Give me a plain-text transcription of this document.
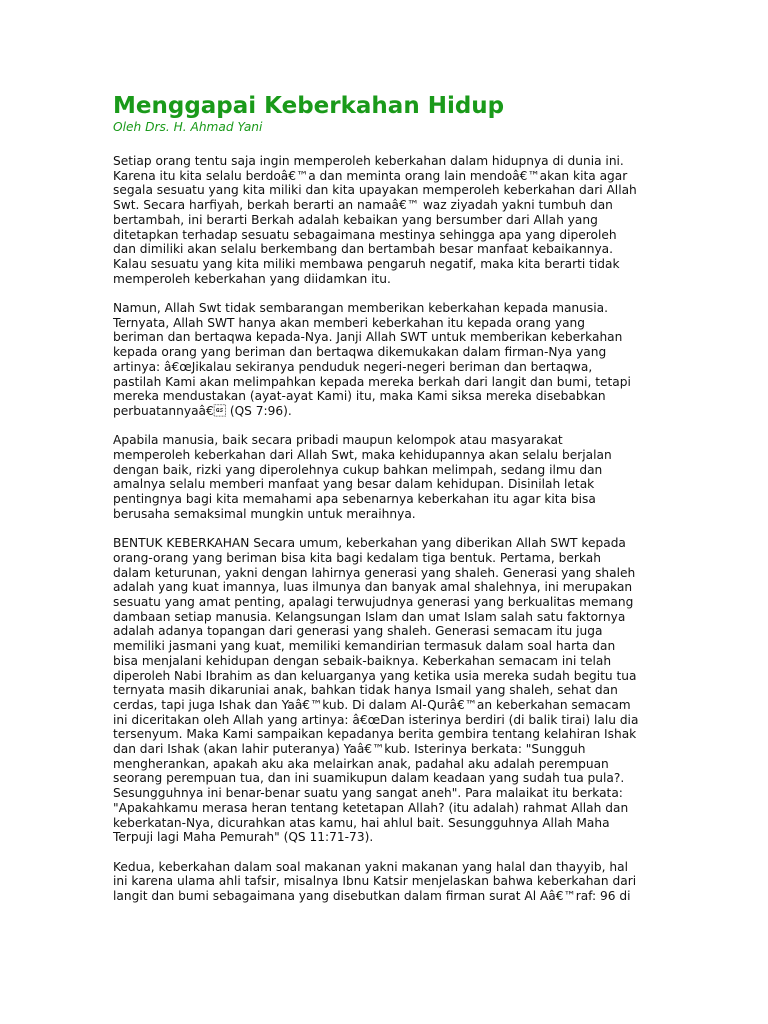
Menggapai Keberkahan Hidup

Oleh Drs. H. Ahmad Yani

Setiap orang tentu saja ingin memperoleh keberkahan dalam hidupnya di dunia ini.
Karena itu kita selalu berdoâ€™a dan meminta orang lain mendoâ€™akan kita agar
segala sesuatu yang kita miliki dan kita upayakan memperoleh keberkahan dari Allah
Swt. Secara harfiyah, berkah berarti an namaâ€™ waz ziyadah yakni tumbuh dan
bertambah, ini berarti Berkah adalah kebaikan yang bersumber dari Allah yang
ditetapkan terhadap sesuatu sebagaimana mestinya sehingga apa yang diperoleh
dan dimiliki akan selalu berkembang dan bertambah besar manfaat kebaikannya.
Kalau sesuatu yang kita miliki membawa pengaruh negatif, maka kita berarti tidak
memperoleh keberkahan yang diidamkan itu.
Namun, Allah Swt tidak sembarangan memberikan keberkahan kepada manusia.
Ternyata, Allah SWT hanya akan memberi keberkahan itu kepada orang yang
beriman dan bertaqwa kepada-Nya. Janji Allah SWT untuk memberikan keberkahan
kepada orang yang beriman dan bertaqwa dikemukakan dalam firman-Nya yang
artinya: â€œJikalau sekiranya penduduk negeri-negeri beriman dan bertaqwa,
pastilah Kami akan melimpahkan kepada mereka berkah dari langit dan bumi, tetapi
mereka mendustakan (ayat-ayat Kami) itu, maka Kami siksa mereka disebabkan
perbuatannyaâ€ (QS 7:96).
Apabila manusia, baik secara pribadi maupun kelompok atau masyarakat
memperoleh keberkahan dari Allah Swt, maka kehidupannya akan selalu berjalan
dengan baik, rizki yang diperolehnya cukup bahkan melimpah, sedang ilmu dan
amalnya selalu memberi manfaat yang besar dalam kehidupan. Disinilah letak
pentingnya bagi kita memahami apa sebenarnya keberkahan itu agar kita bisa
berusaha semaksimal mungkin untuk meraihnya.
BENTUK KEBERKAHAN Secara umum, keberkahan yang diberikan Allah SWT kepada
orang-orang yang beriman bisa kita bagi kedalam tiga bentuk. Pertama, berkah
dalam keturunan, yakni dengan lahirnya generasi yang shaleh. Generasi yang shaleh
adalah yang kuat imannya, luas ilmunya dan banyak amal shalehnya, ini merupakan
sesuatu yang amat penting, apalagi terwujudnya generasi yang berkualitas memang
dambaan setiap manusia. Kelangsungan Islam dan umat Islam salah satu faktornya
adalah adanya topangan dari generasi yang shaleh. Generasi semacam itu juga
memiliki jasmani yang kuat, memiliki kemandirian termasuk dalam soal harta dan
bisa menjalani kehidupan dengan sebaik-baiknya. Keberkahan semacam ini telah
diperoleh Nabi Ibrahim as dan keluarganya yang ketika usia mereka sudah begitu tua
ternyata masih dikaruniai anak, bahkan tidak hanya Ismail yang shaleh, sehat dan
cerdas, tapi juga Ishak dan Yaâ€™kub. Di dalam Al-Qurâ€™an keberkahan semacam
ini diceritakan oleh Allah yang artinya: â€œDan isterinya berdiri (di balik tirai) lalu dia
tersenyum. Maka Kami sampaikan kepadanya berita gembira tentang kelahiran Ishak
dan dari Ishak (akan lahir puteranya) Yaâ€™kub. Isterinya berkata: "Sungguh
mengherankan, apakah aku aka melairkan anak, padahal aku adalah perempuan
seorang perempuan tua, dan ini suamikupun dalam keadaan yang sudah tua pula?.
Sesungguhnya ini benar-benar suatu yang sangat aneh". Para malaikat itu berkata:
"Apakahkamu merasa heran tentang ketetapan Allah? (itu adalah) rahmat Allah dan
keberkatan-Nya, dicurahkan atas kamu, hai ahlul bait. Sesungguhnya Allah Maha
Terpuji lagi Maha Pemurah" (QS 11:71-73).
Kedua, keberkahan dalam soal makanan yakni makanan yang halal dan thayyib, hal
ini karena ulama ahli tafsir, misalnya Ibnu Katsir menjelaskan bahwa keberkahan dari
langit dan bumi sebagaimana yang disebutkan dalam firman surat Al Aâ€™raf: 96 di
